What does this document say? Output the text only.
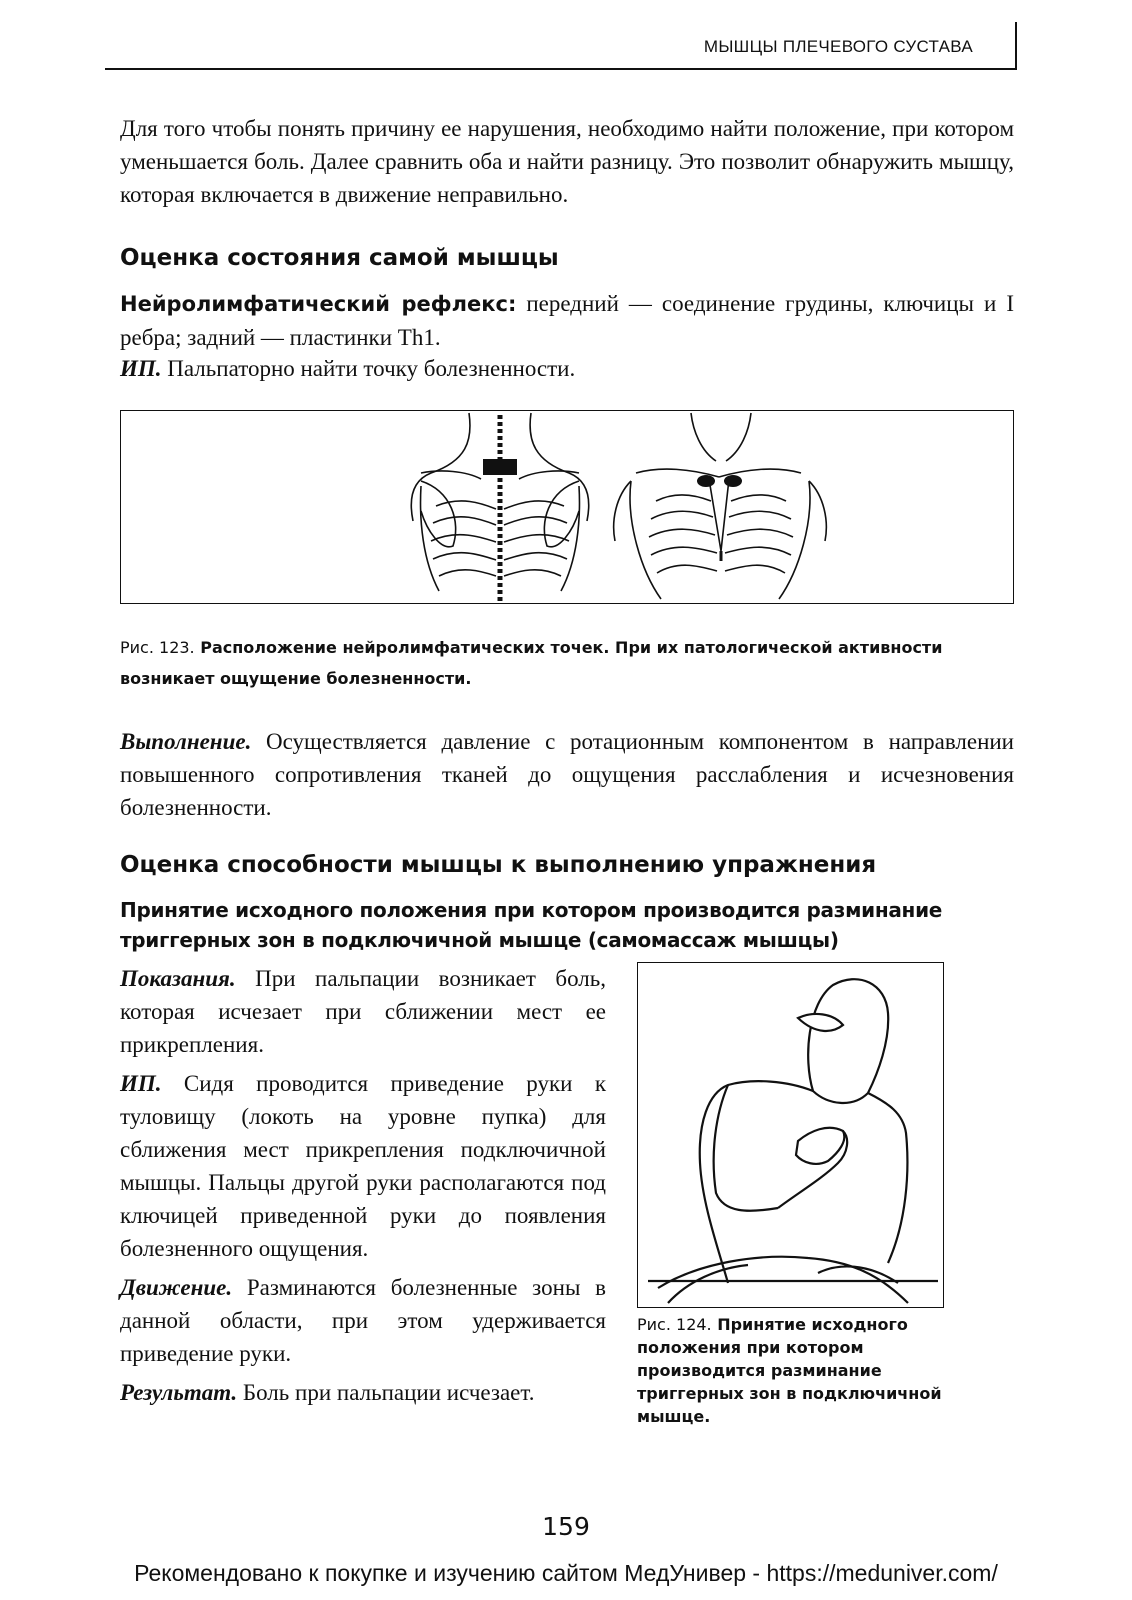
МЫШЦЫ ПЛЕЧЕВОГО СУСТАВА
Для того чтобы понять причину ее нарушения, необходимо найти положение, при котором уменьшается боль. Далее сравнить оба и найти разницу. Это позволит обнаружить мышцу, которая включается в движение неправильно.
Оценка состояния самой мышцы
Нейролимфатический рефлекс: передний — соединение грудины, ключицы и I ребра; задний — пластинки Th1.
ИП. Пальпаторно найти точку болезненности.
Рис. 123. Расположение нейролимфатических точек. При их патологической активности возникает ощущение болезненности.
Выполнение. Осуществляется давление с ротационным компонентом в направлении повышенного сопротивления тканей до ощущения расслабления и исчезновения болезненности.
Оценка способности мышцы к выполнению упражнения
Принятие исходного положения при котором производится разминание триггерных зон в подключичной мышце (самомассаж мышцы)

Показания. При пальпации возникает боль, которая исчезает при сближении мест ее прикрепления.

ИП. Сидя проводится приведение руки к туловищу (локоть на уровне пупка) для сближения мест прикрепления подключичной мышцы. Пальцы другой руки располагаются под ключицей приведенной руки до появления болезненного ощущения.

Движение. Разминаются болезненные зоны в данной области, при этом удерживается приведение руки.

Результат. Боль при пальпации исчезает.

Рис. 124. Принятие исходного положения при котором производится разминание триггерных зон в подключичной мышце.
159
Рекомендовано к покупке и изучению сайтом МедУнивер - https://meduniver.com/
